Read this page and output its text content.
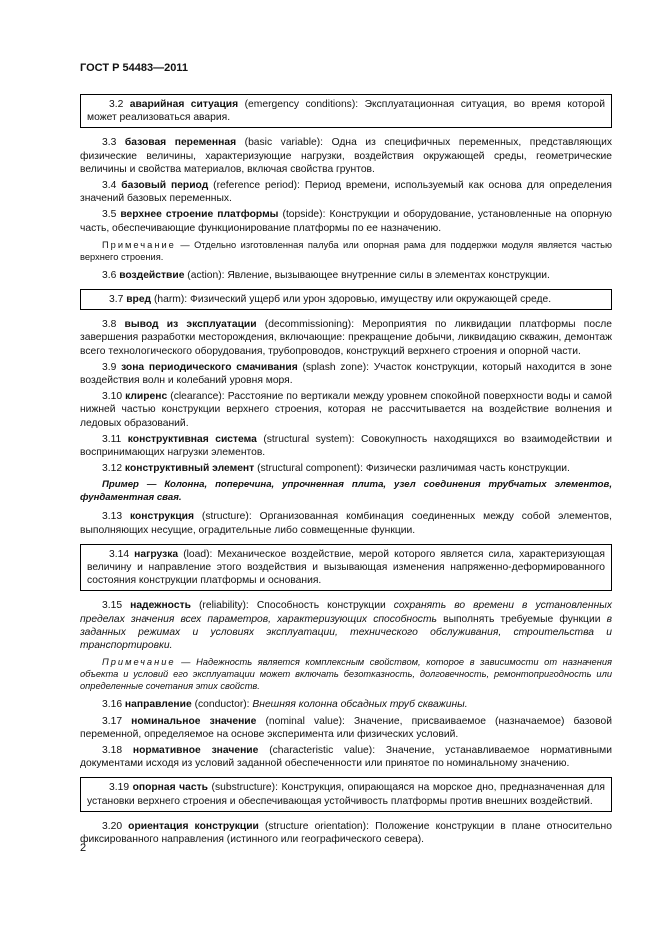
ГОСТ Р 54483—2011

3.2 аварийная ситуация (emergency conditions): Эксплуатационная ситуация, во время которой может реализоваться авария.

3.3 базовая переменная (basic variable): Одна из специфичных переменных, представляющих физические величины, характеризующие нагрузки, воздействия окружающей среды, геометрические величины и свойства материалов, включая свойства грунтов.

3.4 базовый период (reference period): Период времени, используемый как основа для определения значений базовых переменных.

3.5 верхнее строение платформы (topside): Конструкции и оборудование, установленные на опорную часть, обеспечивающие функционирование платформы по ее назначению.

Примечание — Отдельно изготовленная палуба или опорная рама для поддержки модуля является частью верхнего строения.

3.6 воздействие (action): Явление, вызывающее внутренние силы в элементах конструкции.

3.7 вред (harm): Физический ущерб или урон здоровью, имуществу или окружающей среде.

3.8 вывод из эксплуатации (decommissioning): Мероприятия по ликвидации платформы после завершения разработки месторождения, включающие: прекращение добычи, ликвидацию скважин, демонтаж всего технологического оборудования, трубопроводов, конструкций верхнего строения и опорной части.

3.9 зона периодического смачивания (splash zone): Участок конструкции, который находится в зоне воздействия волн и колебаний уровня моря.

3.10 клиренс (clearance): Расстояние по вертикали между уровнем спокойной поверхности воды и самой нижней частью конструкции верхнего строения, которая не рассчитывается на воздействие волнения и ледовых образований.

3.11 конструктивная система (structural system): Совокупность находящихся во взаимодействии и воспринимающих нагрузки элементов.

3.12 конструктивный элемент (structural component): Физически различимая часть конструкции.

Пример — Колонна, поперечина, упрочненная плита, узел соединения трубчатых элементов, фундаментная свая.

3.13 конструкция (structure): Организованная комбинация соединенных между собой элементов, выполняющих несущие, оградительные либо совмещенные функции.

3.14 нагрузка (load): Механическое воздействие, мерой которого является сила, характеризующая величину и направление этого воздействия и вызывающая изменения напряженно-деформированного состояния конструкции платформы и основания.

3.15 надежность (reliability): Способность конструкции сохранять во времени в установленных пределах значения всех параметров, характеризующих способность выполнять требуемые функции в заданных режимах и условиях эксплуатации, технического обслуживания, строительства и транспортировки.

Примечание — Надежность является комплексным свойством, которое в зависимости от назначения объекта и условий его эксплуатации может включать безотказность, долговечность, ремонтопригодность или определенные сочетания этих свойств.

3.16 направление (conductor): Внешняя колонна обсадных труб скважины.

3.17 номинальное значение (nominal value): Значение, присваиваемое (назначаемое) базовой переменной, определяемое на основе эксперимента или физических условий.

3.18 нормативное значение (characteristic value): Значение, устанавливаемое нормативными документами исходя из условий заданной обеспеченности или принятое по номинальному значению.

3.19 опорная часть (substructure): Конструкция, опирающаяся на морское дно, предназначенная для установки верхнего строения и обеспечивающая устойчивость платформы против внешних воздействий.

3.20 ориентация конструкции (structure orientation): Положение конструкции в плане относительно фиксированного направления (истинного или географического севера).

2
